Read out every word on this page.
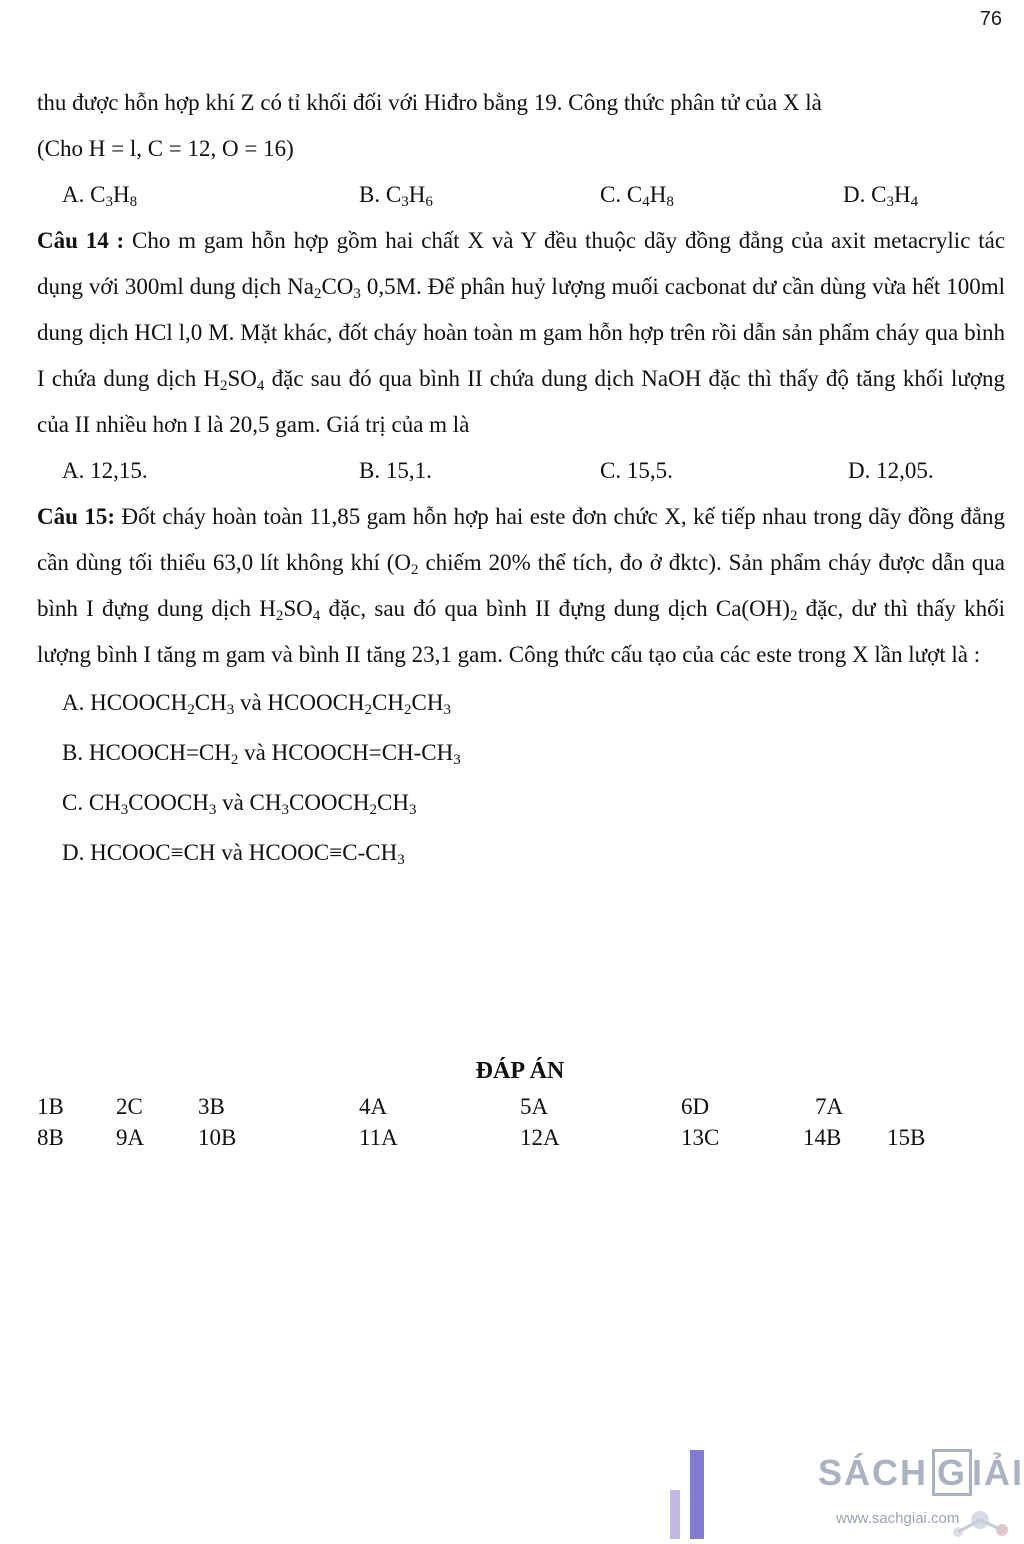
76

thu được hỗn hợp khí Z có tỉ khối đối với Hiđro bằng 19. Công thức phân tử của X là
(Cho H = l, C = 12, O = 16)

A. $C_3H_8$	B. $C_3H_6$	C. $C_4H_8$	D. $C_3H_4$

Câu 14 : Cho m gam hỗn hợp gồm hai chất X và Y đều thuộc dãy đồng đẳng của axit metacrylic tác dụng với 300ml dung dịch $Na_2CO_3$ 0,5M. Để phân huỷ lượng muối cacbonat dư cần dùng vừa hết 100ml dung dịch HCl l,0 M. Mặt khác, đốt cháy hoàn toàn m gam hỗn hợp trên rồi dẫn sản phẩm cháy qua bình I chứa dung dịch $H_2SO_4$ đặc sau đó qua bình II chứa dung dịch NaOH đặc thì thấy độ tăng khối lượng của II nhiều hơn I là 20,5 gam. Giá trị của m là

A. 12,15.	B. 15,1.	C. 15,5.	D. 12,05.

Câu 15: Đốt cháy hoàn toàn 11,85 gam hỗn hợp hai este đơn chức X, kế tiếp nhau trong dãy đồng đẳng cần dùng tối thiểu 63,0 lít không khí ($O_2$ chiếm 20% thể tích, đo ở đktc). Sản phẩm cháy được dẫn qua bình I đựng dung dịch $H_2SO_4$ đặc, sau đó qua bình II đựng dung dịch $Ca(OH)_2$ đặc, dư thì thấy khối lượng bình I tăng m gam và bình II tăng 23,1 gam. Công thức cấu tạo của các este trong X lần lượt là :

A. $HCOOCH_2CH_3$ và $HCOOCH_2CH_2CH_3$
B. $HCOOCH=CH_2$ và $HCOOCH=CH-CH_3$
C. $CH_3COOCH_3$ và $CH_3COOCH_2CH_3$
D. HCOOC≡CH và $HCOOC\equiv C-CH_3$
ĐÁP ÁN
1B 2C 3B	4A	5A	6D	7A
8B 9A 10B	11A	12A	13C	14B 15B
SÁCH G IẢI
www.sachgiai.com
